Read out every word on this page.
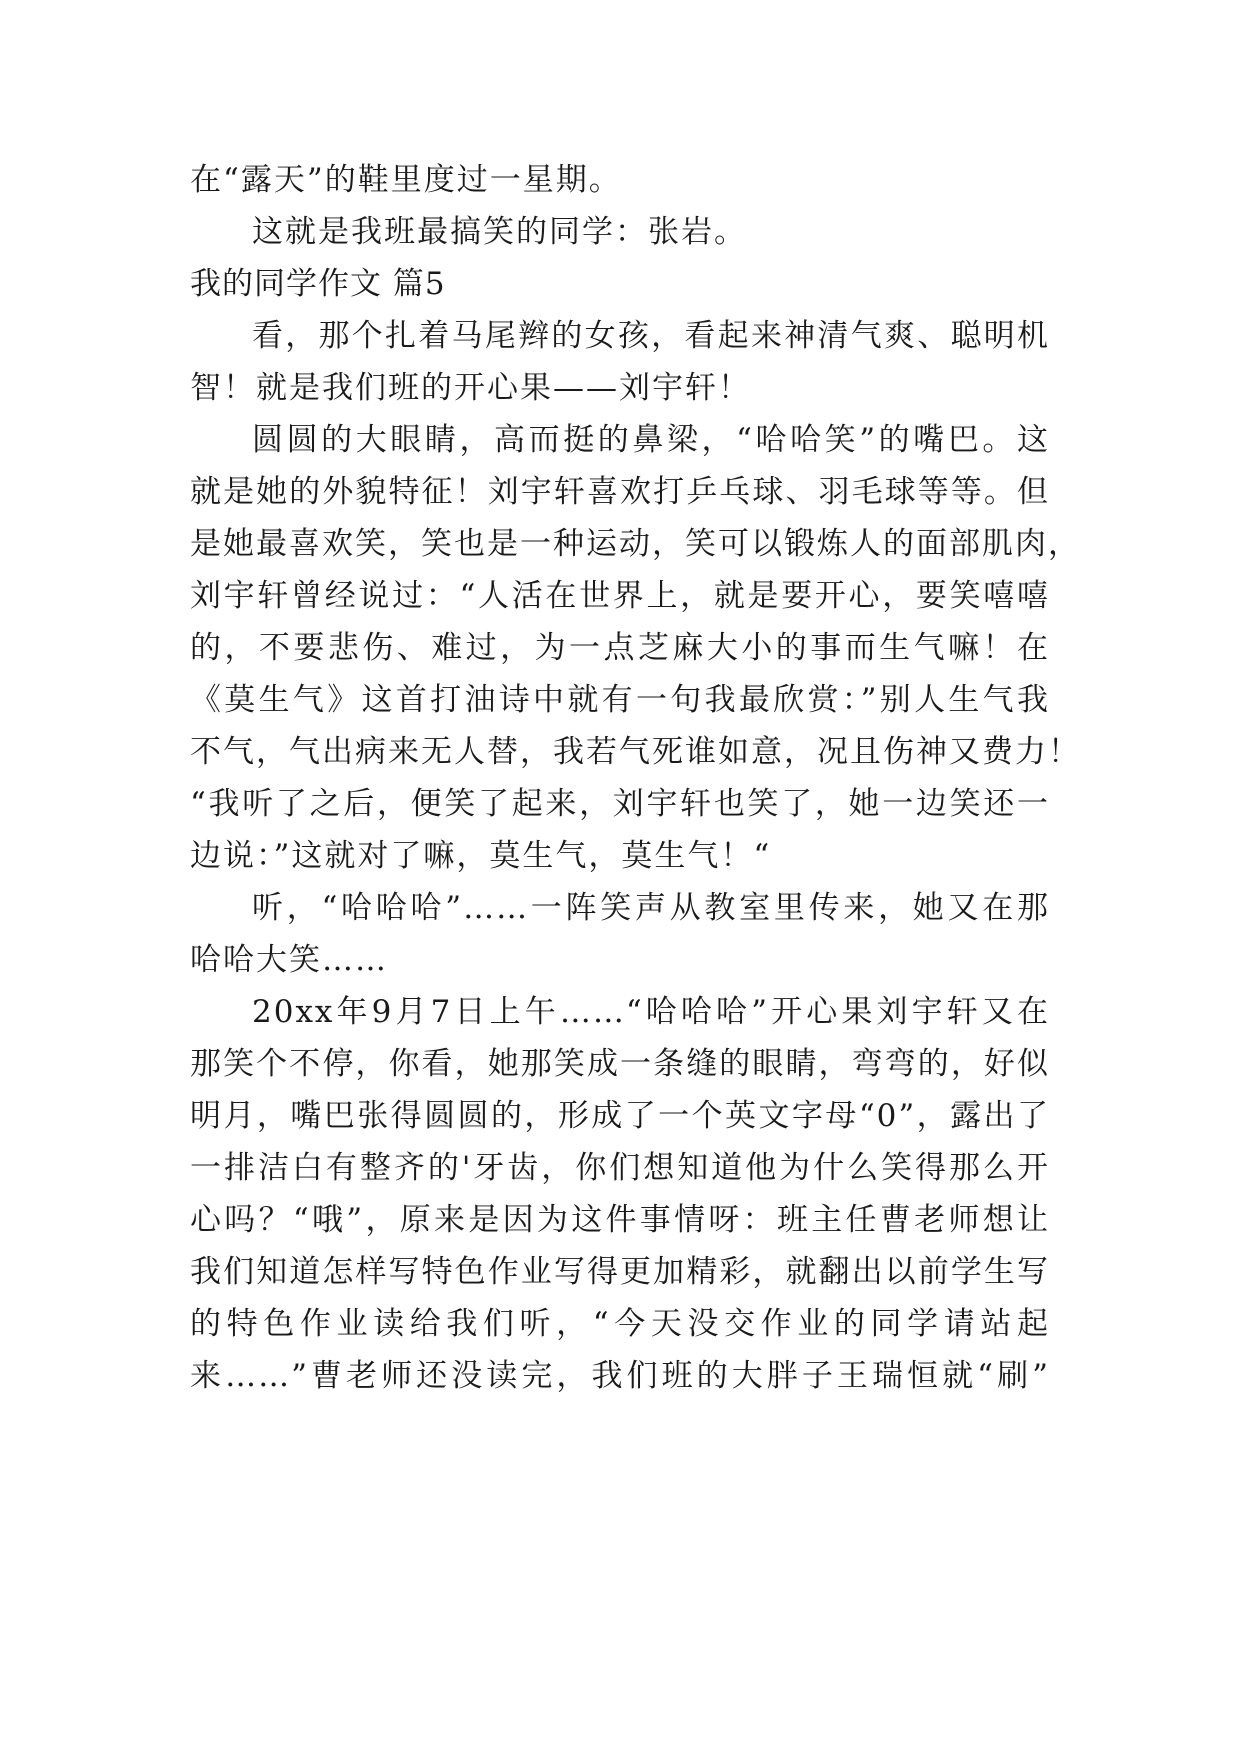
在“露天”的鞋里度过一星期。
这就是我班最搞笑的同学：张岩。
我的同学作文 篇5
看，那个扎着马尾辫的女孩，看起来神清气爽、聪明机
智！就是我们班的开心果——刘宇轩！
圆圆的大眼睛，高而挺的鼻梁，“哈哈笑”的嘴巴。这
就是她的外貌特征！刘宇轩喜欢打乒乓球、羽毛球等等。但
是她最喜欢笑，笑也是一种运动，笑可以锻炼人的面部肌肉，
刘宇轩曾经说过：“人活在世界上，就是要开心，要笑嘻嘻
的，不要悲伤、难过，为一点芝麻大小的事而生气嘛！在
《莫生气》这首打油诗中就有一句我最欣赏：”别人生气我
不气，气出病来无人替，我若气死谁如意，况且伤神又费力！
“我听了之后，便笑了起来，刘宇轩也笑了，她一边笑还一
边说：”这就对了嘛，莫生气，莫生气！“
听，“哈哈哈”……一阵笑声从教室里传来，她又在那
哈哈大笑……
20xx年9月7日上午……“哈哈哈”开心果刘宇轩又在
那笑个不停，你看，她那笑成一条缝的眼睛，弯弯的，好似
明月，嘴巴张得圆圆的，形成了一个英文字母“0”，露出了
一排洁白有整齐的'牙齿，你们想知道他为什么笑得那么开
心吗？“哦”，原来是因为这件事情呀：班主任曹老师想让
我们知道怎样写特色作业写得更加精彩，就翻出以前学生写
的特色作业读给我们听，“今天没交作业的同学请站起
来……”曹老师还没读完，我们班的大胖子王瑞恒就“刷”
